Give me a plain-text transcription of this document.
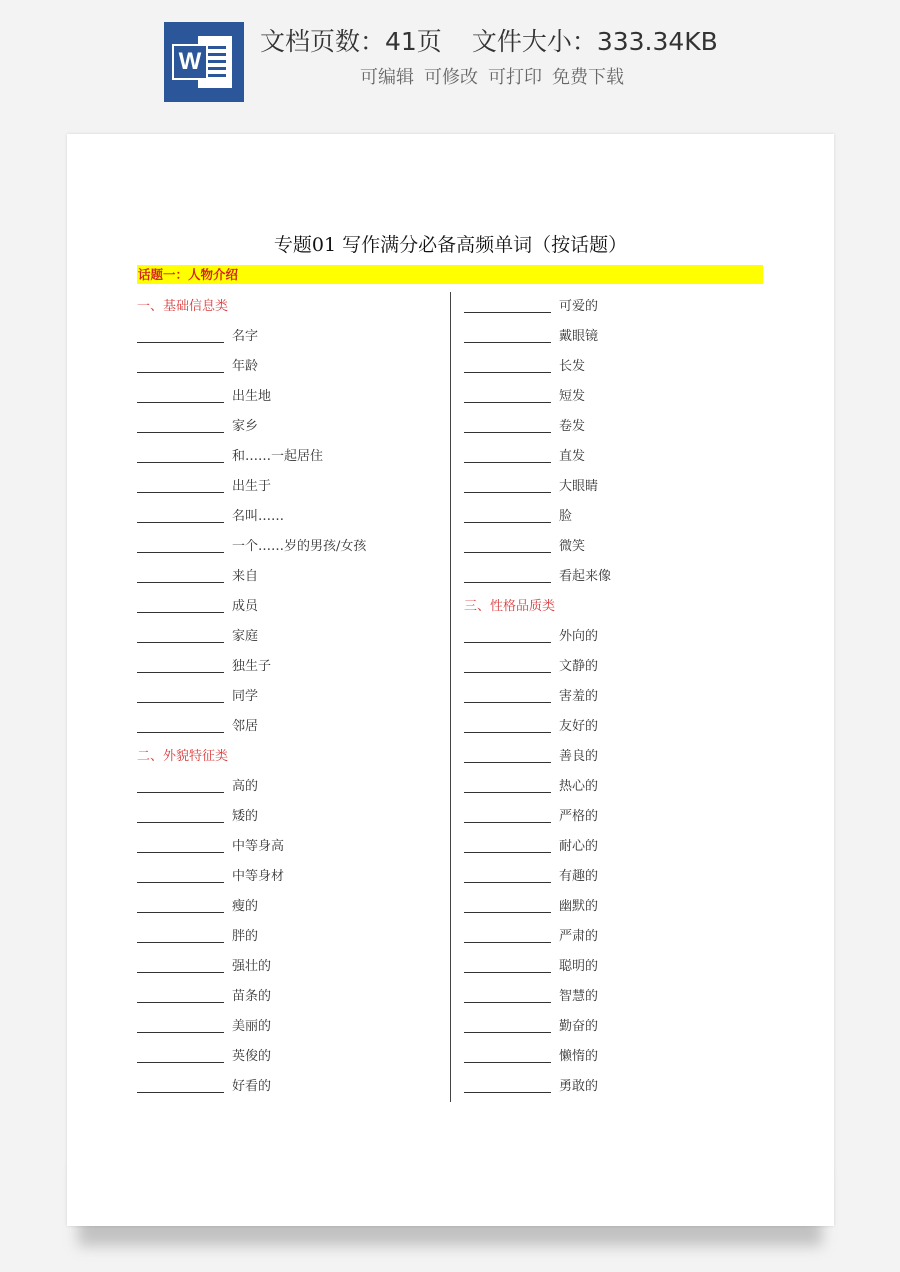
W
文档页数：41页 文件大小：333.34KB
可编辑 可修改 可打印 免费下载
专题01 写作满分必备高频单词（按话题）
话题一：人物介绍
一、基础信息类
名字
年龄
出生地
家乡
和……一起居住
出生于
名叫……
一个……岁的男孩/女孩
来自
成员
家庭
独生子
同学
邻居
二、外貌特征类
高的
矮的
中等身高
中等身材
瘦的
胖的
强壮的
苗条的
美丽的
英俊的
好看的
可爱的
戴眼镜
长发
短发
卷发
直发
大眼睛
脸
微笑
看起来像
三、性格品质类
外向的
文静的
害羞的
友好的
善良的
热心的
严格的
耐心的
有趣的
幽默的
严肃的
聪明的
智慧的
勤奋的
懒惰的
勇敢的
